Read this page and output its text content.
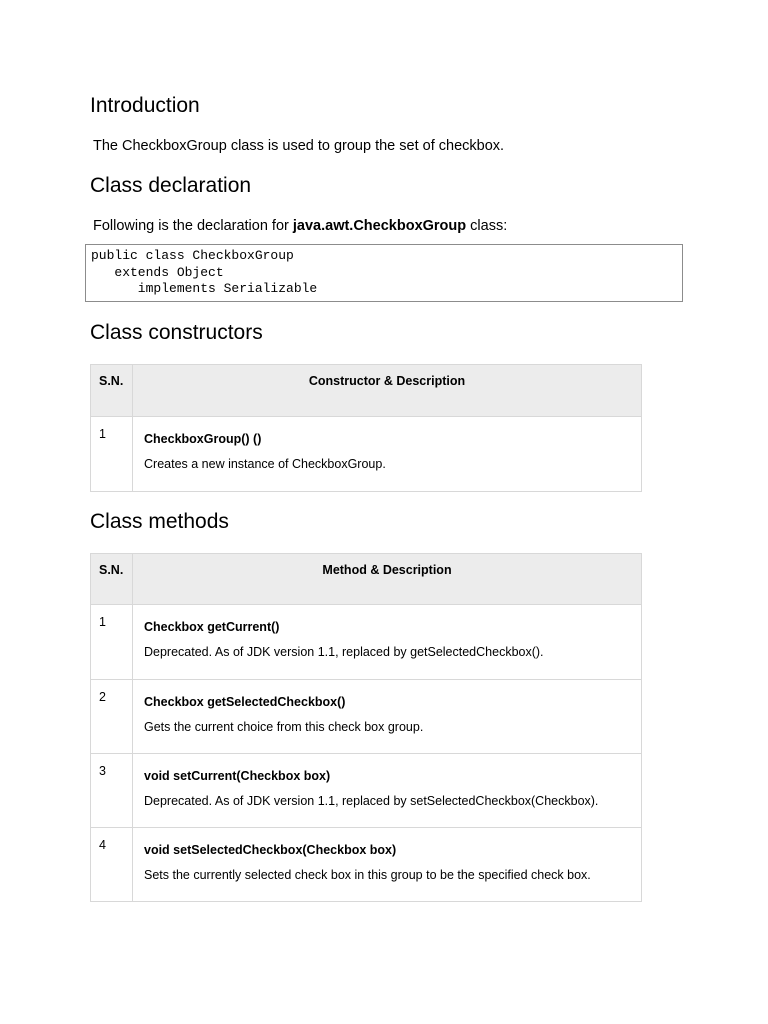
Introduction
The CheckboxGroup class is used to group the set of checkbox.
Class declaration
Following is the declaration for java.awt.CheckboxGroup class:
public class CheckboxGroup
extends Object
implements Serializable
Class constructors
S.N.	Constructor & Description
1	CheckboxGroup() ()
Creates a new instance of CheckboxGroup.
Class methods
S.N.	Method & Description
1	Checkbox getCurrent()
Deprecated. As of JDK version 1.1, replaced by getSelectedCheckbox().

2	Checkbox getSelectedCheckbox()
Gets the current choice from this check box group.

3	void setCurrent(Checkbox box)
Deprecated. As of JDK version 1.1, replaced by setSelectedCheckbox(Checkbox).

4	void setSelectedCheckbox(Checkbox box)
Sets the currently selected check box in this group to be the specified check box.
